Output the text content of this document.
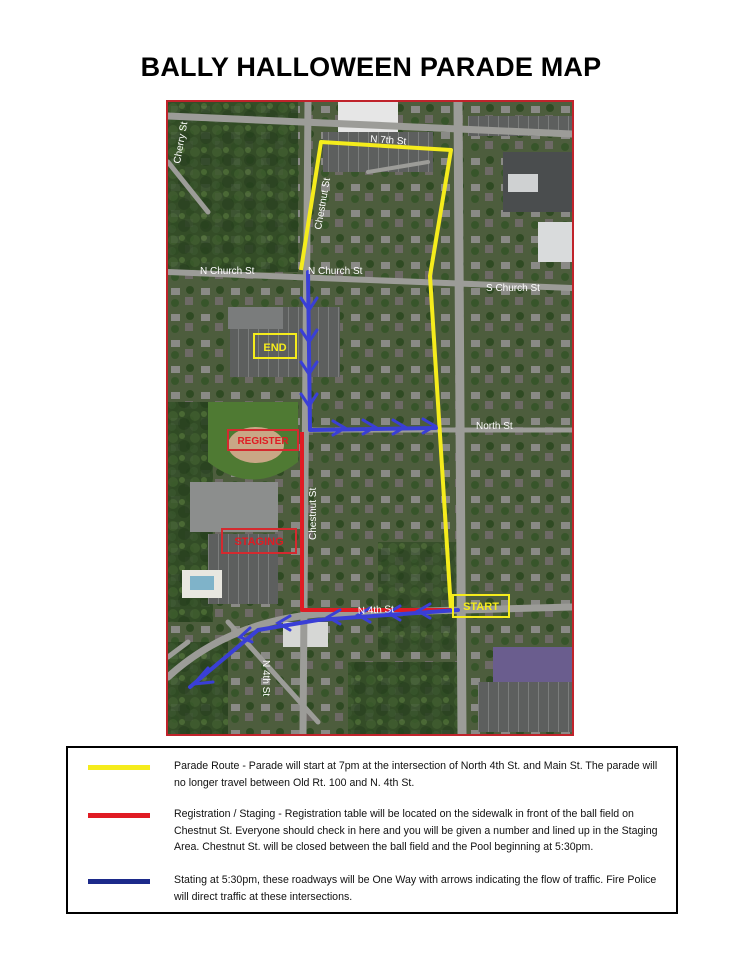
BALLY HALLOWEEN PARADE MAP
END
REGISTER
STAGING
START
N 7th St
Cherry St
Chestnut St
N Church St	N Church St
S Church St
North St
Chestnut St
N 4th St
N 4th St
Parade Route - Parade will start at 7pm at the intersection of North 4th St. and Main St. The parade will no longer travel between Old Rt. 100 and N. 4th St.
Registration / Staging - Registration table will be located on the sidewalk in front of the ball field on Chestnut St. Everyone should check in here and you will be given a number and lined up in the Staging Area. Chestnut St. will be closed between the ball field and the Pool beginning at 5:30pm.
Stating at 5:30pm, these roadways will be One Way with arrows indicating the flow of traffic. Fire Police will direct traffic at these intersections.
